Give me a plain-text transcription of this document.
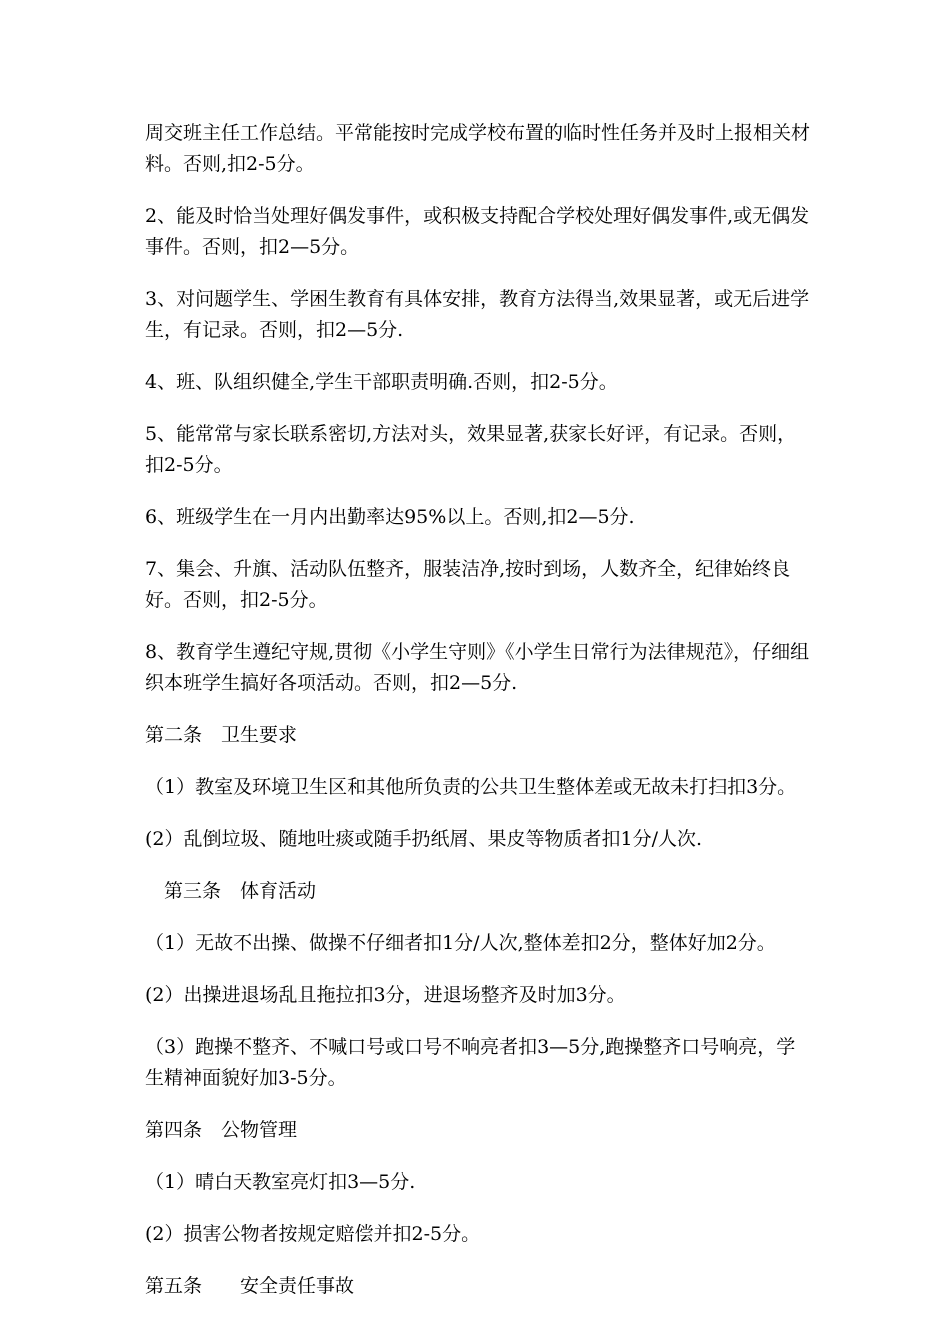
周交班主任工作总结。平常能按时完成学校布置的临时性任务并及时上报相关材料。否则,扣2-5分。

2、能及时恰当处理好偶发事件，或积极支持配合学校处理好偶发事件,或无偶发事件。否则，扣2—5分。

3、对问题学生、学困生教育有具体安排，教育方法得当,效果显著，或无后进学生，有记录。否则，扣2—5分.

4、班、队组织健全,学生干部职责明确.否则，扣2-5分。

5、能常常与家长联系密切,方法对头，效果显著,获家长好评，有记录。否则，扣2-5分。

6、班级学生在一月内出勤率达95%以上。否则,扣2—5分.

7、集会、升旗、活动队伍整齐，服装洁净,按时到场，人数齐全，纪律始终良好。否则，扣2-5分。

8、教育学生遵纪守规,贯彻《小学生守则》《小学生日常行为法律规范》，仔细组织本班学生搞好各项活动。否则，扣2—5分.

第二条　卫生要求

（1）教室及环境卫生区和其他所负责的公共卫生整体差或无故未打扫扣3分。

(2）乱倒垃圾、随地吐痰或随手扔纸屑、果皮等物质者扣1分/人次.

　第三条　体育活动

（1）无故不出操、做操不仔细者扣1分/人次,整体差扣2分，整体好加2分。

(2）出操进退场乱且拖拉扣3分，进退场整齐及时加3分。

（3）跑操不整齐、不喊口号或口号不响亮者扣3—5分,跑操整齐口号响亮，学生精神面貌好加3-5分。

第四条　公物管理

（1）晴白天教室亮灯扣3—5分.

(2）损害公物者按规定赔偿并扣2-5分。

第五条　　安全责任事故
